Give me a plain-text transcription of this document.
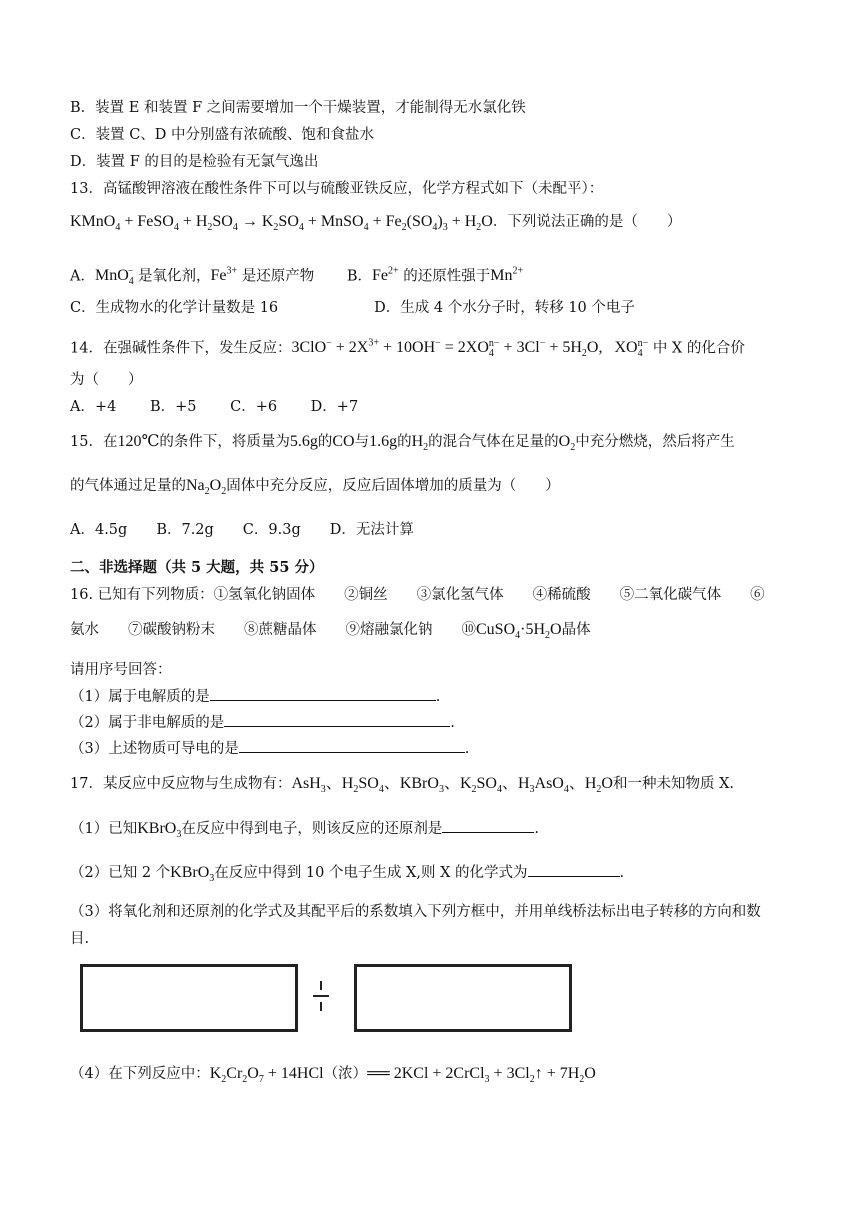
B．装置 E 和装置 F 之间需要增加一个干燥装置，才能制得无水氯化铁
C．装置 C、D 中分别盛有浓硫酸、饱和食盐水
D．装置 F 的目的是检验有无氯气逸出
13．高锰酸钾溶液在酸性条件下可以与硫酸亚铁反应，化学方程式如下（未配平）：
KMnO$_4$ + FeSO$_4$ + $H_2SO_4 \to K_2SO_4$ + MnSO$_4$ + $Fe_2(SO_4)_3 + H_2O$．下列说法正确的是（　　）
A．MnO$_4$− 是氧化剂，$Fe^{3+}$ 是还原产物 B．$Fe^{2+}$ 的还原性强于$Mn^{2+}$
C．生成物水的化学计量数是 16	D．生成 4 个水分子时，转移 10 个电子
14．在强碱性条件下，发生反应：$3ClO^- + 2X^{3+} + 10OH^- = 2XO_4^{n-} + 3Cl^- + 5H_2O$,   $XO_4^{n-}$ 中 X 的化合价
为（　　）
A．+4　　 B．+5　　 C．+6　　 D．+7
15．在120℃的条件下，将质量为5.6g的CO与1.6g的$H_2$的混合气体在足量的$O_2$中充分燃烧，然后将产生
的气体通过足量的$Na_2O_2$固体中充分反应，反应后固体增加的质量为（　　）
A．4.5g　　B．7.2g　　C．9.3g　　D．无法计算
二、非选择题（共 5 大题，共 55 分）
16. 已知有下列物质：①氢氧化钠固体　　②铜丝　　③氯化氢气体　　④稀硫酸　　⑤二氧化碳气体　　⑥
氨水　　⑦碳酸钠粉末　　⑧蔗糖晶体　　⑨熔融氯化钠　　$⑩CuSO_4\cdot 5H_2O$晶体
请用序号回答：
（1）属于电解质的是	.
（2）属于非电解质的是	.
（3）上述物质可导电的是	.
17．某反应中反应物与生成物有：AsH$_3$、$H_2SO_4$、KBrO$_3$、$K_2SO_4$、$H_3AsO_4$、$H_2O$和一种未知物质 X.
（1）已知KBrO$_3$在反应中得到电子，则该反应的还原剂是	.
（2）已知 2 个KBrO$_3$在反应中得到 10 个电子生成 X,则 X 的化学式为	.
（3）将氧化剂和还原剂的化学式及其配平后的系数填入下列方框中，并用单线桥法标出电子转移的方向和数
目.
（4）在下列反应中：$K_2Cr_2O_7 + 14HCl$（浓）══ 2KCl + 2CrCl$_3$ + $3Cl_2↑ + 7H_2O$
